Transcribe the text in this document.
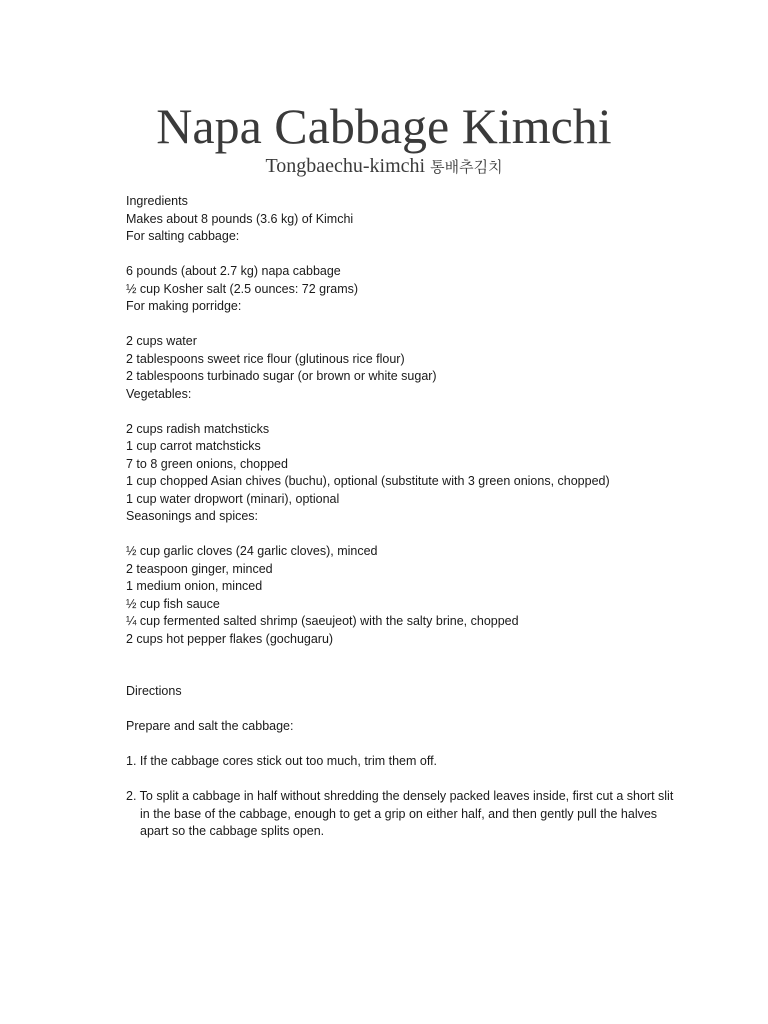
Napa Cabbage Kimchi

Tongbaechu-kimchi 통배추김치

Ingredients

Makes about 8 pounds (3.6 kg) of Kimchi

For salting cabbage:

6 pounds (about 2.7 kg) napa cabbage

½ cup Kosher salt (2.5 ounces: 72 grams)

For making porridge:

2 cups water

2 tablespoons sweet rice flour (glutinous rice flour)

2 tablespoons turbinado sugar (or brown or white sugar)

Vegetables:

2 cups radish matchsticks

1 cup carrot matchsticks

7 to 8 green onions, chopped

1 cup chopped Asian chives (buchu), optional (substitute with 3 green onions, chopped)

1 cup water dropwort (minari), optional

Seasonings and spices:

½ cup garlic cloves (24 garlic cloves), minced

2 teaspoon ginger, minced

1 medium onion, minced

½ cup fish sauce

¼ cup fermented salted shrimp (saeujeot) with the salty brine, chopped

2 cups hot pepper flakes (gochugaru)

Directions

Prepare and salt the cabbage:

1. If the cabbage cores stick out too much, trim them off.

2. To split a cabbage in half without shredding the densely packed leaves inside, first cut a short slit in the base of the cabbage, enough to get a grip on either half, and then gently pull the halves apart so the cabbage splits open.
